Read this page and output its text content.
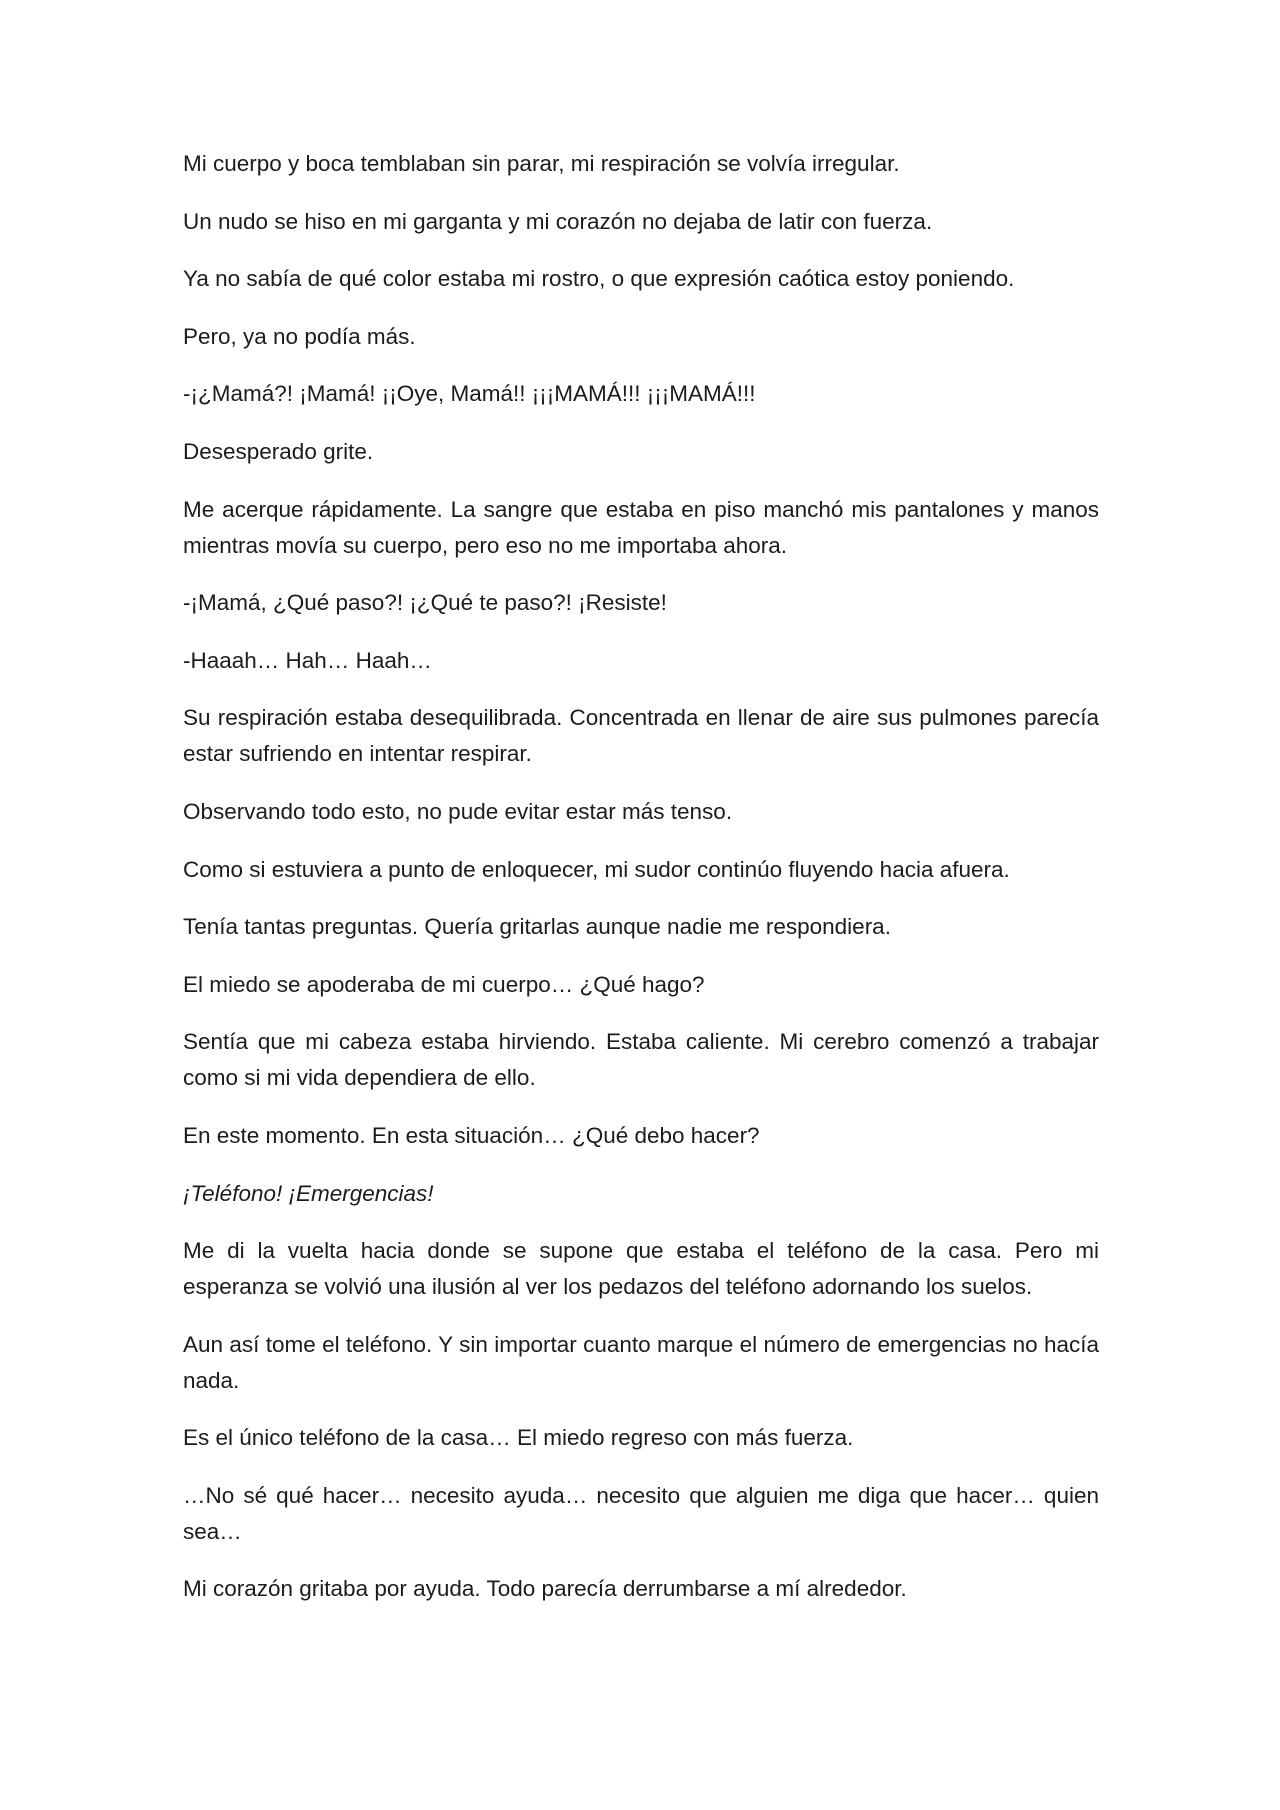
Mi cuerpo y boca temblaban sin parar, mi respiración se volvía irregular.

Un nudo se hiso en mi garganta y mi corazón no dejaba de latir con fuerza.

Ya no sabía de qué color estaba mi rostro, o que expresión caótica estoy poniendo.

Pero, ya no podía más.

-¡¿Mamá?! ¡Mamá! ¡¡Oye, Mamá!! ¡¡¡MAMÁ!!! ¡¡¡MAMÁ!!!

Desesperado grite.

Me acerque rápidamente. La sangre que estaba en piso manchó mis pantalones y manos mientras movía su cuerpo, pero eso no me importaba ahora.

-¡Mamá, ¿Qué paso?! ¡¿Qué te paso?! ¡Resiste!

-Haaah… Hah… Haah…

Su respiración estaba desequilibrada. Concentrada en llenar de aire sus pulmones parecía estar sufriendo en intentar respirar.

Observando todo esto, no pude evitar estar más tenso.

Como si estuviera a punto de enloquecer, mi sudor continúo fluyendo hacia afuera.

Tenía tantas preguntas. Quería gritarlas aunque nadie me respondiera.

El miedo se apoderaba de mi cuerpo… ¿Qué hago?

Sentía que mi cabeza estaba hirviendo. Estaba caliente. Mi cerebro comenzó a trabajar como si mi vida dependiera de ello.

En este momento. En esta situación… ¿Qué debo hacer?

¡Teléfono! ¡Emergencias!

Me di la vuelta hacia donde se supone que estaba el teléfono de la casa. Pero mi esperanza se volvió una ilusión al ver los pedazos del teléfono adornando los suelos.

Aun así tome el teléfono. Y sin importar cuanto marque el número de emergencias no hacía nada.

Es el único teléfono de la casa… El miedo regreso con más fuerza.

…No sé qué hacer… necesito ayuda… necesito que alguien me diga que hacer… quien sea…

Mi corazón gritaba por ayuda. Todo parecía derrumbarse a mí alrededor.
